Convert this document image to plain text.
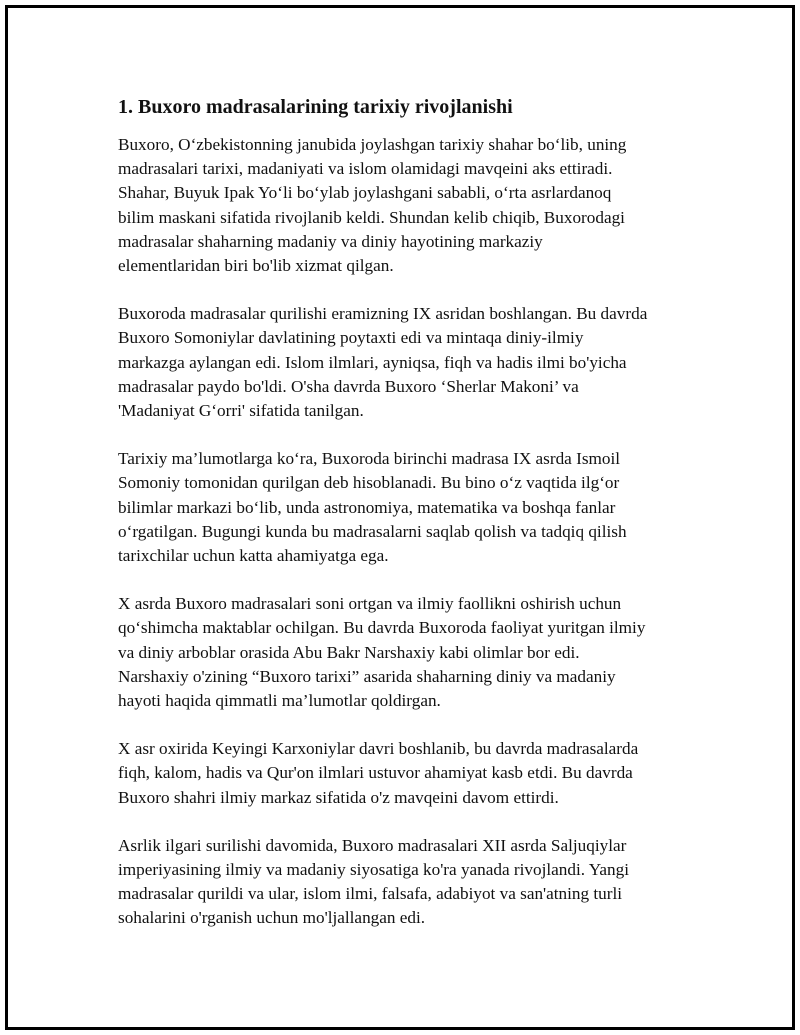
1. Buxoro madrasalarining tarixiy rivojlanishi

Buxoro, O‘zbekistonning janubida joylashgan tarixiy shahar bo‘lib, uning
madrasalari tarixi, madaniyati va islom olamidagi mavqeini aks ettiradi.
Shahar, Buyuk Ipak Yo‘li bo‘ylab joylashgani sababli, o‘rta asrlardanoq
bilim maskani sifatida rivojlanib keldi. Shundan kelib chiqib, Buxorodagi
madrasalar shaharning madaniy va diniy hayotining markaziy
elementlaridan biri bo'lib xizmat qilgan.

Buxoroda madrasalar qurilishi eramizning IX asridan boshlangan. Bu davrda
Buxoro Somoniylar davlatining poytaxti edi va mintaqa diniy-ilmiy
markazga aylangan edi. Islom ilmlari, ayniqsa, fiqh va hadis ilmi bo'yicha
madrasalar paydo bo'ldi. O'sha davrda Buxoro ‘Sherlar Makoni’ va
'Madaniyat G‘orri' sifatida tanilgan.

Tarixiy ma’lumotlarga ko‘ra, Buxoroda birinchi madrasa IX asrda Ismoil
Somoniy tomonidan qurilgan deb hisoblanadi. Bu bino o‘z vaqtida ilg‘or
bilimlar markazi bo‘lib, unda astronomiya, matematika va boshqa fanlar
o‘rgatilgan. Bugungi kunda bu madrasalarni saqlab qolish va tadqiq qilish
tarixchilar uchun katta ahamiyatga ega.

X asrda Buxoro madrasalari soni ortgan va ilmiy faollikni oshirish uchun
qo‘shimcha maktablar ochilgan. Bu davrda Buxoroda faoliyat yuritgan ilmiy
va diniy arboblar orasida Abu Bakr Narshaxiy kabi olimlar bor edi.
Narshaxiy o'zining “Buxoro tarixi” asarida shaharning diniy va madaniy
hayoti haqida qimmatli ma’lumotlar qoldirgan.

X asr oxirida Keyingi Karxoniylar davri boshlanib, bu davrda madrasalarda
fiqh, kalom, hadis va Qur'on ilmlari ustuvor ahamiyat kasb etdi. Bu davrda
Buxoro shahri ilmiy markaz sifatida o'z mavqeini davom ettirdi.

Asrlik ilgari surilishi davomida, Buxoro madrasalari XII asrda Saljuqiylar
imperiyasining ilmiy va madaniy siyosatiga ko'ra yanada rivojlandi. Yangi
madrasalar qurildi va ular, islom ilmi, falsafa, adabiyot va san'atning turli
sohalarini o'rganish uchun mo'ljallangan edi.
